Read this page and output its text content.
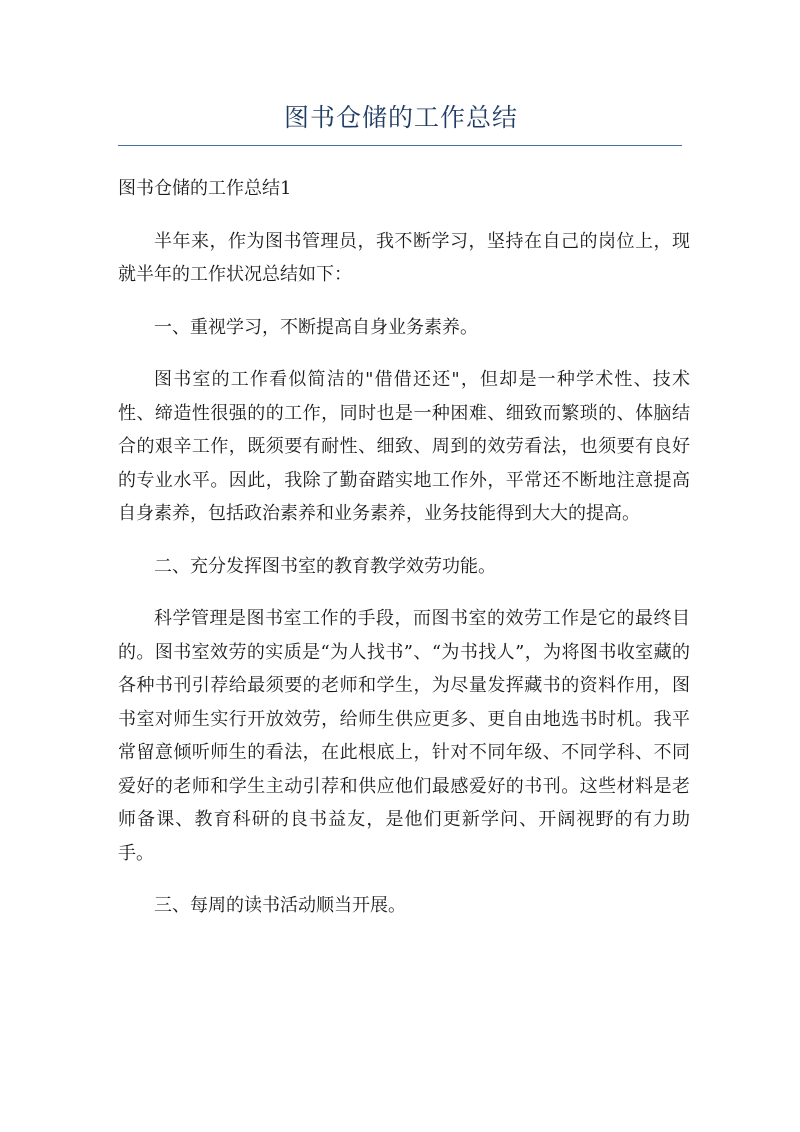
图书仓储的工作总结

图书仓储的工作总结1

半年来，作为图书管理员，我不断学习，坚持在自己的岗位上，现就半年的工作状况总结如下：

一、重视学习，不断提高自身业务素养。

图书室的工作看似简洁的"借借还还"，但却是一种学术性、技术性、缔造性很强的的工作，同时也是一种困难、细致而繁琐的、体脑结合的艰辛工作，既须要有耐性、细致、周到的效劳看法，也须要有良好的专业水平。因此，我除了勤奋踏实地工作外，平常还不断地注意提高自身素养，包括政治素养和业务素养，业务技能得到大大的提高。

二、充分发挥图书室的教育教学效劳功能。

科学管理是图书室工作的手段，而图书室的效劳工作是它的最终目的。图书室效劳的实质是“为人找书”、“为书找人”，为将图书收室藏的各种书刊引荐给最须要的老师和学生，为尽量发挥藏书的资料作用，图书室对师生实行开放效劳，给师生供应更多、更自由地选书时机。我平常留意倾听师生的看法，在此根底上，针对不同年级、不同学科、不同爱好的老师和学生主动引荐和供应他们最感爱好的书刊。这些材料是老师备课、教育科研的良书益友，是他们更新学问、开阔视野的有力助手。

三、每周的读书活动顺当开展。
